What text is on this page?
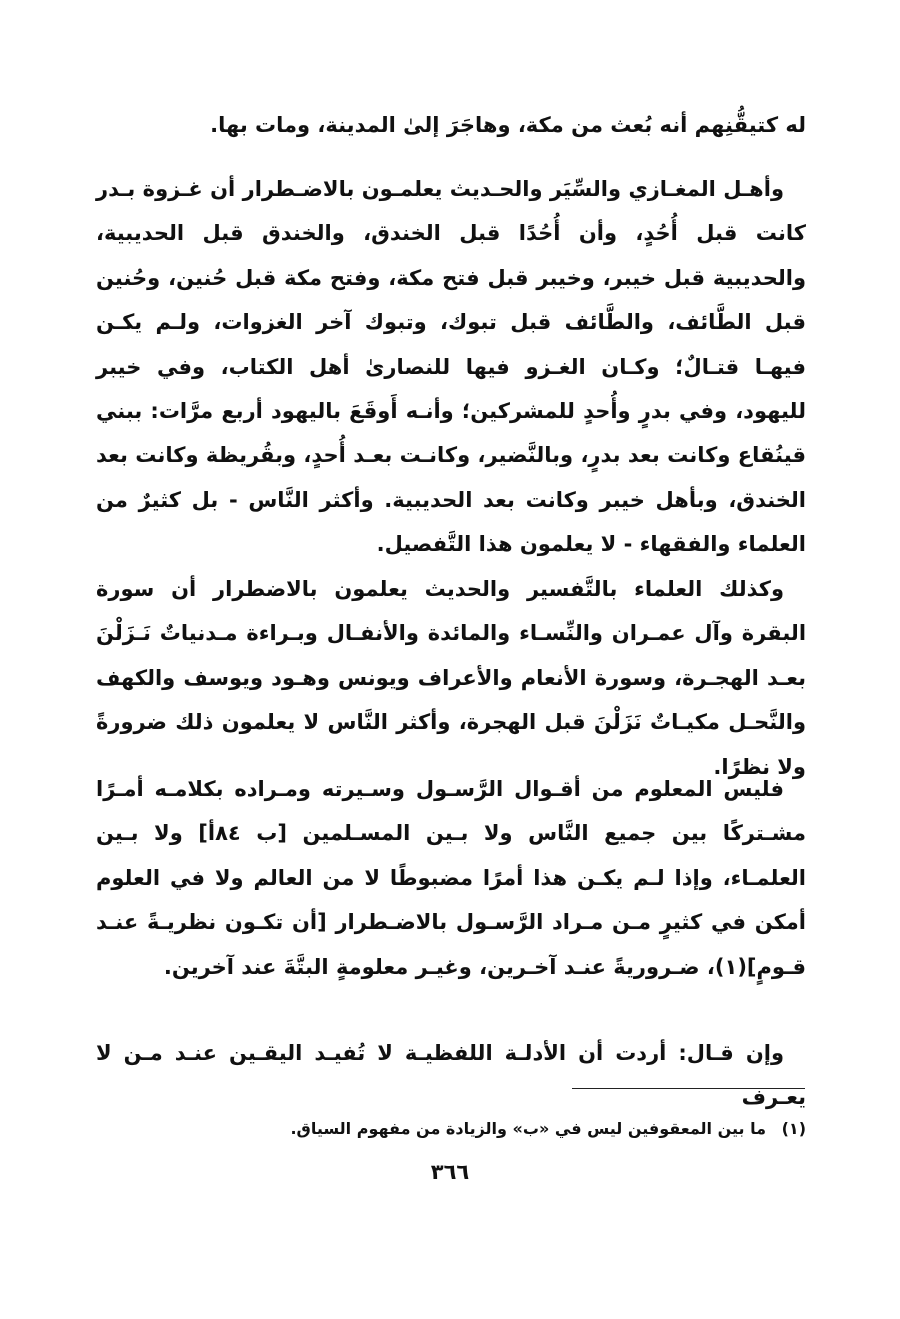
له كتيقُّنِهم أنه بُعث من مكة، وهاجَرَ إلىٰ المدينة، ومات بها.

وأهـل المغـازي والسِّيَر والحـديث يعلمـون بالاضـطرار أن غـزوة بـدر كانت قبل أُحُدٍ، وأن أُحُدًا قبل الخندق، والخندق قبل الحديبية، والحديبية قبل خيبر، وخيبر قبل فتح مكة، وفتح مكة قبل حُنين، وحُنين قبل الطَّائف، والطَّائف قبل تبوك، وتبوك آخر الغزوات، ولـم يكـن فيهـا قتـالٌ؛ وكـان الغـزو فيها للنصارىٰ أهل الكتاب، وفي خيبر لليهود، وفي بدرٍ وأُحدٍ للمشركين؛ وأنـه أَوقَعَ باليهود أربع مرَّات: ببني قينُقاع وكانت بعد بدرٍ، وبالنَّضير، وكانـت بعـد أُحدٍ، وبقُريظة وكانت بعد الخندق، وبأهل خيبر وكانت بعد الحديبية. وأكثر النَّاس - بل كثيرٌ من العلماء والفقهاء - لا يعلمون هذا التَّفصيل.

وكذلك العلماء بالتَّفسير والحديث يعلمون بالاضطرار أن سورة البقرة وآل عمـران والنِّسـاء والمائدة والأنفـال وبـراءة مـدنياتٌ نَـزَلْنَ بعـد الهجـرة، وسورة الأنعام والأعراف ويونس وهـود ويوسف والكهف والنَّحـل مكيـاتٌ نَزَلْنَ قبل الهجرة، وأكثر النَّاس لا يعلمون ذلك ضرورةً ولا نظرًا.

فليس المعلوم من أقـوال الرَّسـول وسـيرته ومـراده بكلامـه أمـرًا مشـتركًا بين جميع النَّاس ولا بـين المسـلمين [ب ٨٤أ] ولا بـين العلمـاء، وإذا لـم يكـن هذا أمرًا مضبوطًا لا من العالم ولا في العلوم أمكن في كثيرٍ مـن مـراد الرَّسـول بالاضـطرار [أن تكـون نظريـةً عنـد قـومٍ](١)، ضـروريةً عنـد آخـرين، وغيـر معلومةٍ البتَّةَ عند آخرين.

وإن قـال: أردت أن الأدلـة اللفظيـة لا تُفيـد اليقـين عنـد مـن لا يعـرف

(١) ما بين المعقوفين ليس في «ب» والزيادة من مفهوم السياق.

٣٦٦
